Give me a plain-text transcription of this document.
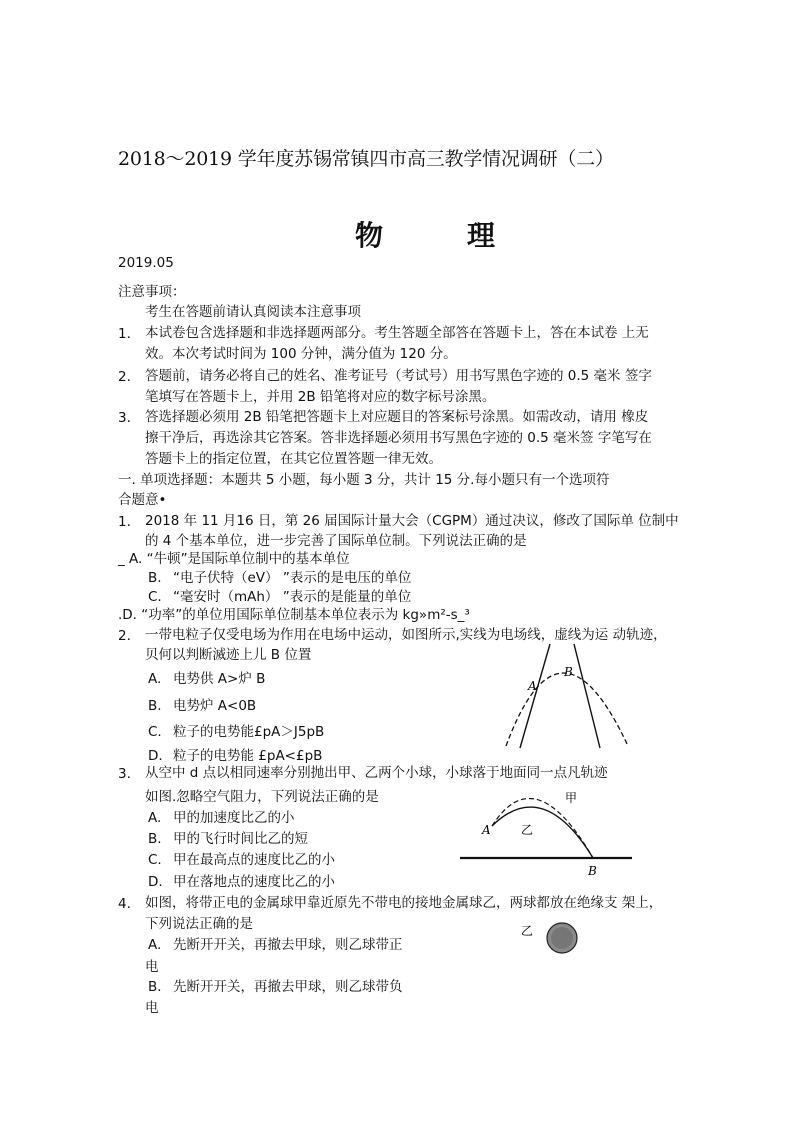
2018～2019 学年度苏锡常镇四市高三教学情况调研（二）
物　理
2019.05
注意事项：
考生在答题前请认真阅读本注意事项
1. 本试卷包含选择题和非选择题两部分。考生答题全部答在答题卡上，答在本试卷 上无
效。本次考试时间为 100 分钟，满分值为 120 分。
2. 答题前，请务必将自己的姓名、准考证号（考试号）用书写黑色字迹的 0.5 毫米 签字
笔填写在答题卡上，并用 2B 铅笔将对应的数字标号涂黑。
3. 答选择题必须用 2B 铅笔把答题卡上对应题目的答案标号涂黑。如需改动，请用 橡皮
擦干净后，再选涂其它答案。答非选择题必须用书写黑色字迹的 0.5 毫米签 字笔写在
答题卡上的指定位置，在其它位置答题一律无效。
一. 单项选择题：本题共 5 小题，每小题 3 分，共计 15 分.每小题只有一个选项符
合题意•
1. 2018 年 11 月16 日，第 26 届国际计量大会（CGPM）通过决议，修改了国际单 位制中
的 4 个基本单位，进一步完善了国际单位制。下列说法正确的是
_ A. “牛顿”是国际单位制中的基本单位
B. “电子伏特（eV） ”表示的是电压的单位
C. “毫安时（mAh） ”表示的是能量的单位
.D. “功率”的单位用国际单位制基本单位表示为 kg»m²-s_³
2. 一带电粒子仅受电场为作用在电场中运动，如图所示,实线为电场线，虚线为运 动轨迹，
贝何以判断滅迹上儿 B 位置
A. 电势供 A>炉 B
B. 电势炉 A<0B
C. 粒子的电势能£pA＞J5pB
D. 粒子的电势能 £pA<£pB
A
B
3. 从空中 d 点以相同速率分别抛出甲、乙两个小球，小球落于地面同一点凡轨迹
如图.忽略空气阻力，下列说法正确的是
A. 甲的加速度比乙的小
B. 甲的飞行时间比乙的短
C. 甲在最高点的速度比乙的小
D. 甲在落地点的速度比乙的小
甲
乙
A
B
4. 如图，将带正电的金属球甲靠近原先不带电的接地金属球乙，两球都放在绝缘支 架上，
下列说法正确的是
A. 先断开开关，再撤去甲球，则乙球带正
电
B. 先断开开关，再撤去甲球，则乙球带负
电
乙
